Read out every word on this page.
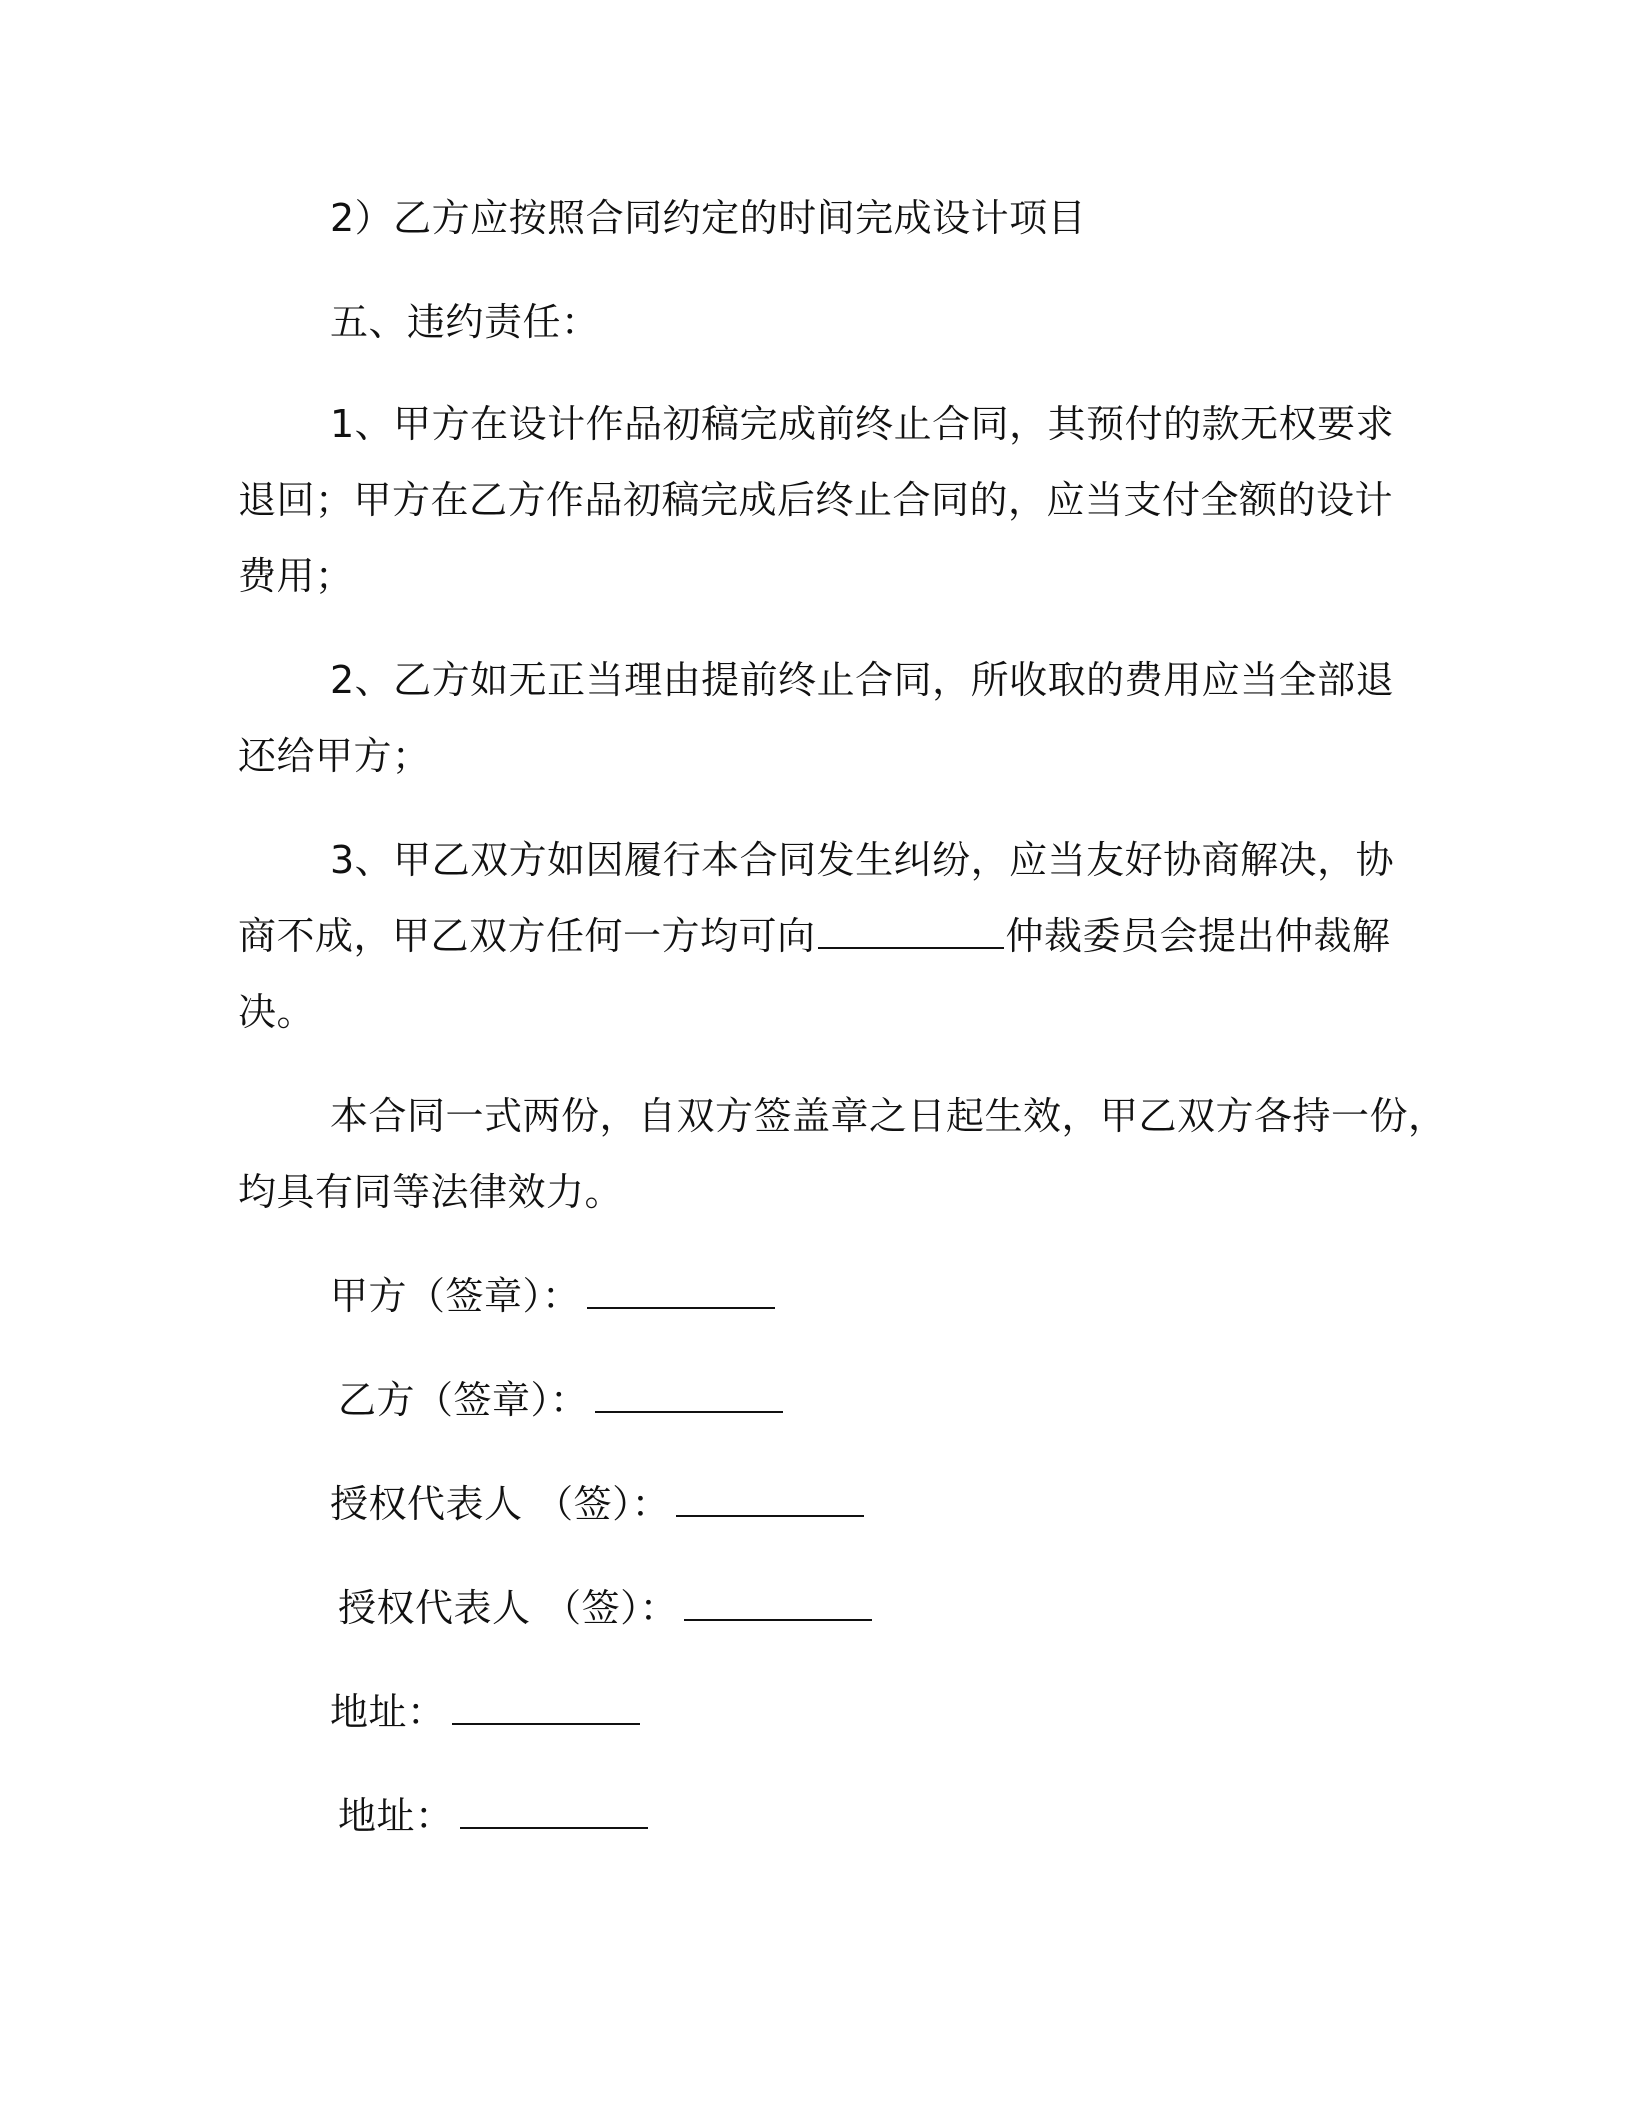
2）乙方应按照合同约定的时间完成设计项目
五、违约责任：
1、甲方在设计作品初稿完成前终止合同，其预付的款无权要求
退回；甲方在乙方作品初稿完成后终止合同的，应当支付全额的设计
费用；
2、乙方如无正当理由提前终止合同，所收取的费用应当全部退
还给甲方；
3、甲乙双方如因履行本合同发生纠纷，应当友好协商解决，协
商不成，甲乙双方任何一方均可向	仲裁委员会提出仲裁解
决。
本合同一式两份，自双方签盖章之日起生效，甲乙双方各持一份，
均具有同等法律效力。
甲方（签章）：
乙方（签章）：
授权代表人 （签）：
授权代表人 （签）：
地址：
地址：
